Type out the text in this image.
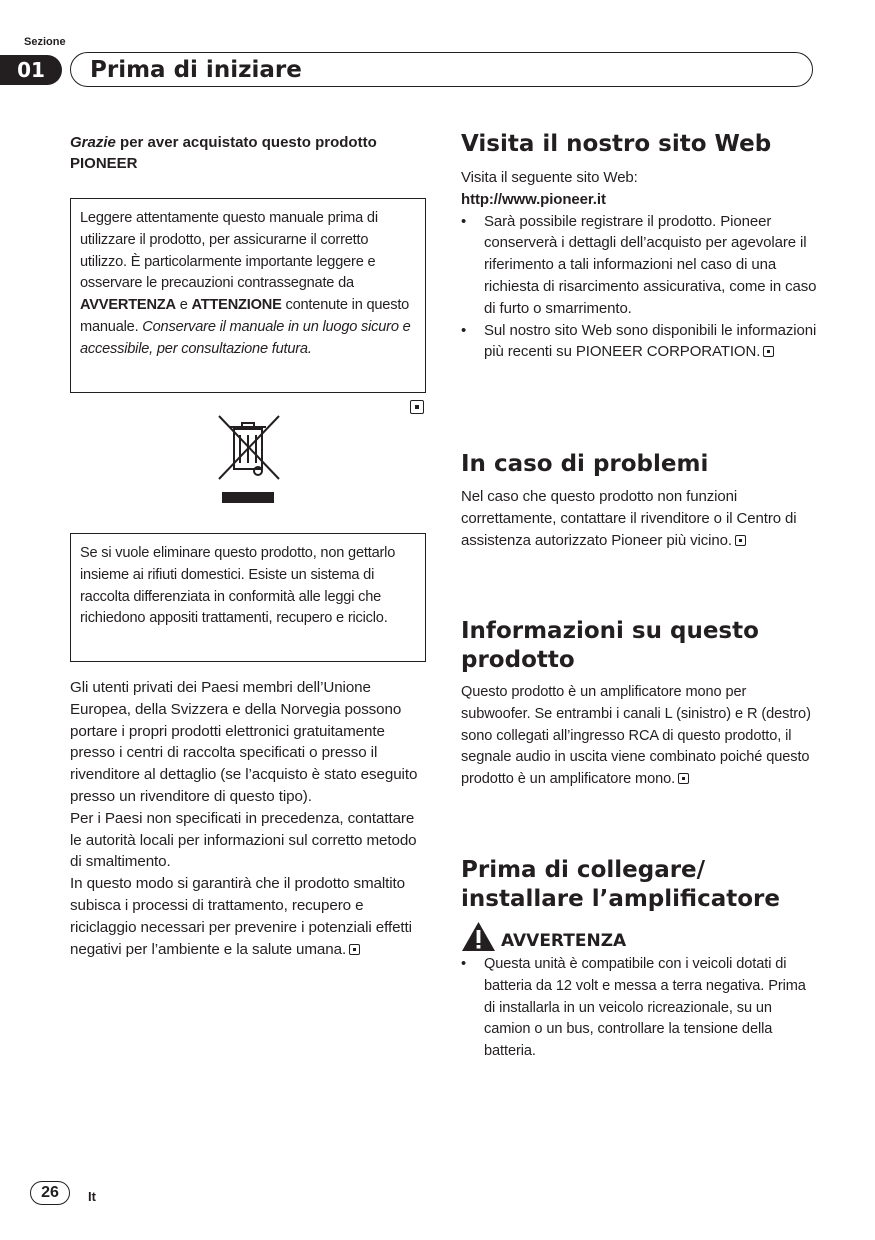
Sezione
01	Prima di iniziare
Grazie per aver acquistato questo prodotto PIONEER
Leggere attentamente questo manuale prima di utilizzare il prodotto, per assicurarne il corretto utilizzo. È particolarmente importante leggere e osservare le precauzioni contrassegnate da AVVERTENZA e ATTENZIONE contenute in questo manuale. Conservare il manuale in un luogo sicuro e accessibile, per consultazione futura.
Se si vuole eliminare questo prodotto, non gettarlo insieme ai rifiuti domestici. Esiste un sistema di raccolta differenziata in conformità alle leggi che richiedono appositi trattamenti, recupero e riciclo.

Gli utenti privati dei Paesi membri dell’Unione Europea, della Svizzera e della Norvegia possono portare i propri prodotti elettronici gratuitamente presso i centri di raccolta specificati o presso il rivenditore al dettaglio (se l’acquisto è stato eseguito presso un rivenditore di questo tipo).

Per i Paesi non specificati in precedenza, contattare le autorità locali per informazioni sul corretto metodo di smaltimento.

In questo modo si garantirà che il prodotto smaltito subisca i processi di trattamento, recupero e riciclaggio necessari per prevenire i potenziali effetti negativi per l’ambiente e la salute umana.

Visita il nostro sito Web
Visita il seguente sito Web:
http://www.pioneer.it
• Sarà possibile registrare il prodotto. Pioneer conserverà i dettagli dell’acquisto per agevolare il riferimento a tali informazioni nel caso di una richiesta di risarcimento assicurativa, come in caso di furto o smarrimento.
• Sul nostro sito Web sono disponibili le informazioni più recenti su PIONEER CORPORATION.
In caso di problemi
Nel caso che questo prodotto non funzioni correttamente, contattare il rivenditore o il Centro di assistenza autorizzato Pioneer più vicino.
Informazioni su questo prodotto
Questo prodotto è un amplificatore mono per subwoofer. Se entrambi i canali L (sinistro) e R (destro) sono collegati all’ingresso RCA di questo prodotto, il segnale audio in uscita viene combinato poiché questo prodotto è un amplificatore mono.
Prima di collegare/ installare l’amplificatore
AVVERTENZA
• Questa unità è compatibile con i veicoli dotati di batteria da 12 volt e messa a terra negativa. Prima di installarla in un veicolo ricreazionale, su un camion o un bus, controllare la tensione della batteria.
26	It
